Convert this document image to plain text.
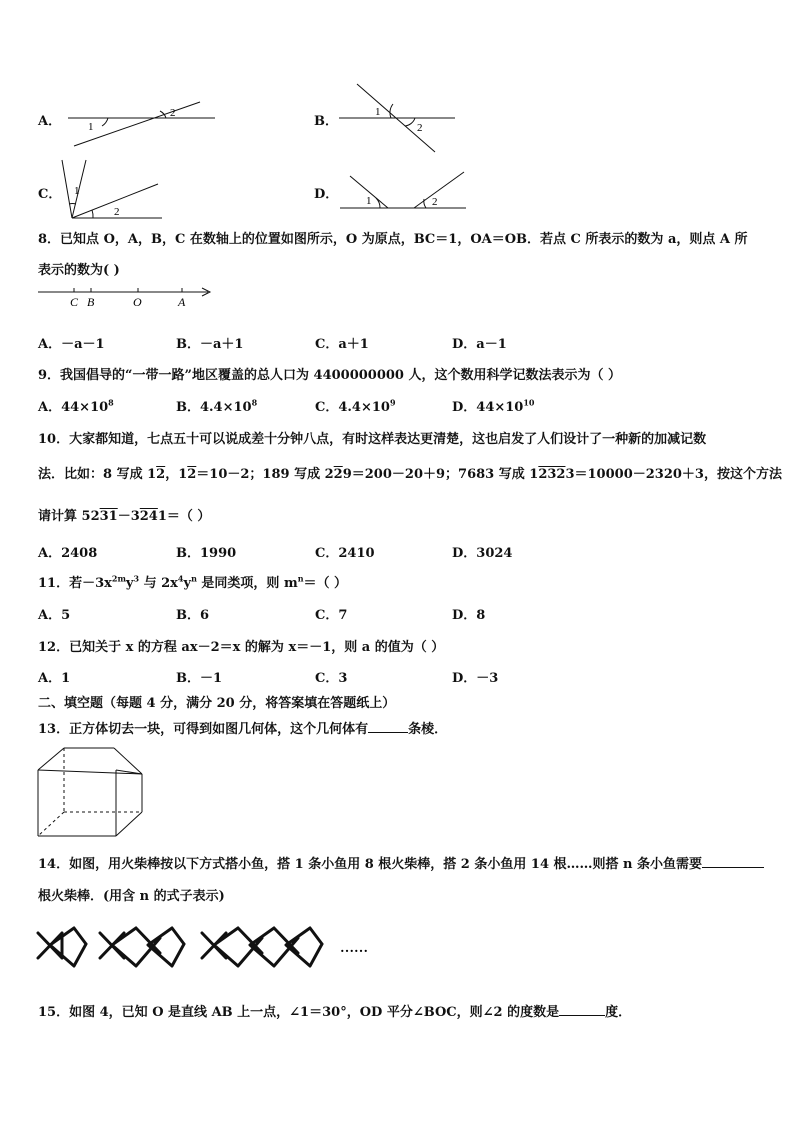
A． 1
2
B．
1
2
C． 1
2
D．	1	2
8．已知点 O，A，B，C 在数轴上的位置如图所示，O 为原点，BC＝1，OA＝OB．若点 C 所表示的数为 a，则点 A 所
表示的数为( )
C B	O	A
A．－a－1	B．－a＋1	C．a＋1	D．a－1
9．我国倡导的“一带一路”地区覆盖的总人口为 4400000000 人，这个数用科学记数法表示为（ ）
A．$44\times 10^8$	B．$4.4\times 10^8$	C．$4.4\times 10^9$	D．$44\times 10^{10}$
10．大家都知道，七点五十可以说成差十分钟八点，有时这样表达更清楚，这也启发了人们设计了一种新的加减记数
法．比如：8 写成 12，12＝10－2；189 写成 229＝200－20＋9；7683 写成 12323＝10000－2320＋3，按这个方法
请计算 5231－3241＝（ ）
A．2408	B．1990	C．2410	D．3024
11．若$-3x^{2m}y^3$ 与 $2x^4y^n$ 是同类项，则 $m^n=$（ ）
A．5	B．6	C．7	D．8
12．已知关于 x 的方程 ax－2＝x 的解为 x＝－1，则 a 的值为（ ）
A．1	B．－1	C．3	D．－3
二、填空题（每题 4 分，满分 20 分，将答案填在答题纸上）
13．正方体切去一块，可得到如图几何体，这个几何体有	条棱．
14．如图，用火柴棒按以下方式搭小鱼，搭 1 条小鱼用 8 根火柴棒，搭 2 条小鱼用 14 根……则搭 n 条小鱼需要
根火柴棒．(用含 n 的式子表示)
……
15．如图 4，已知 O 是直线 AB 上一点，∠1＝30°，OD 平分∠BOC，则∠2 的度数是	度．
